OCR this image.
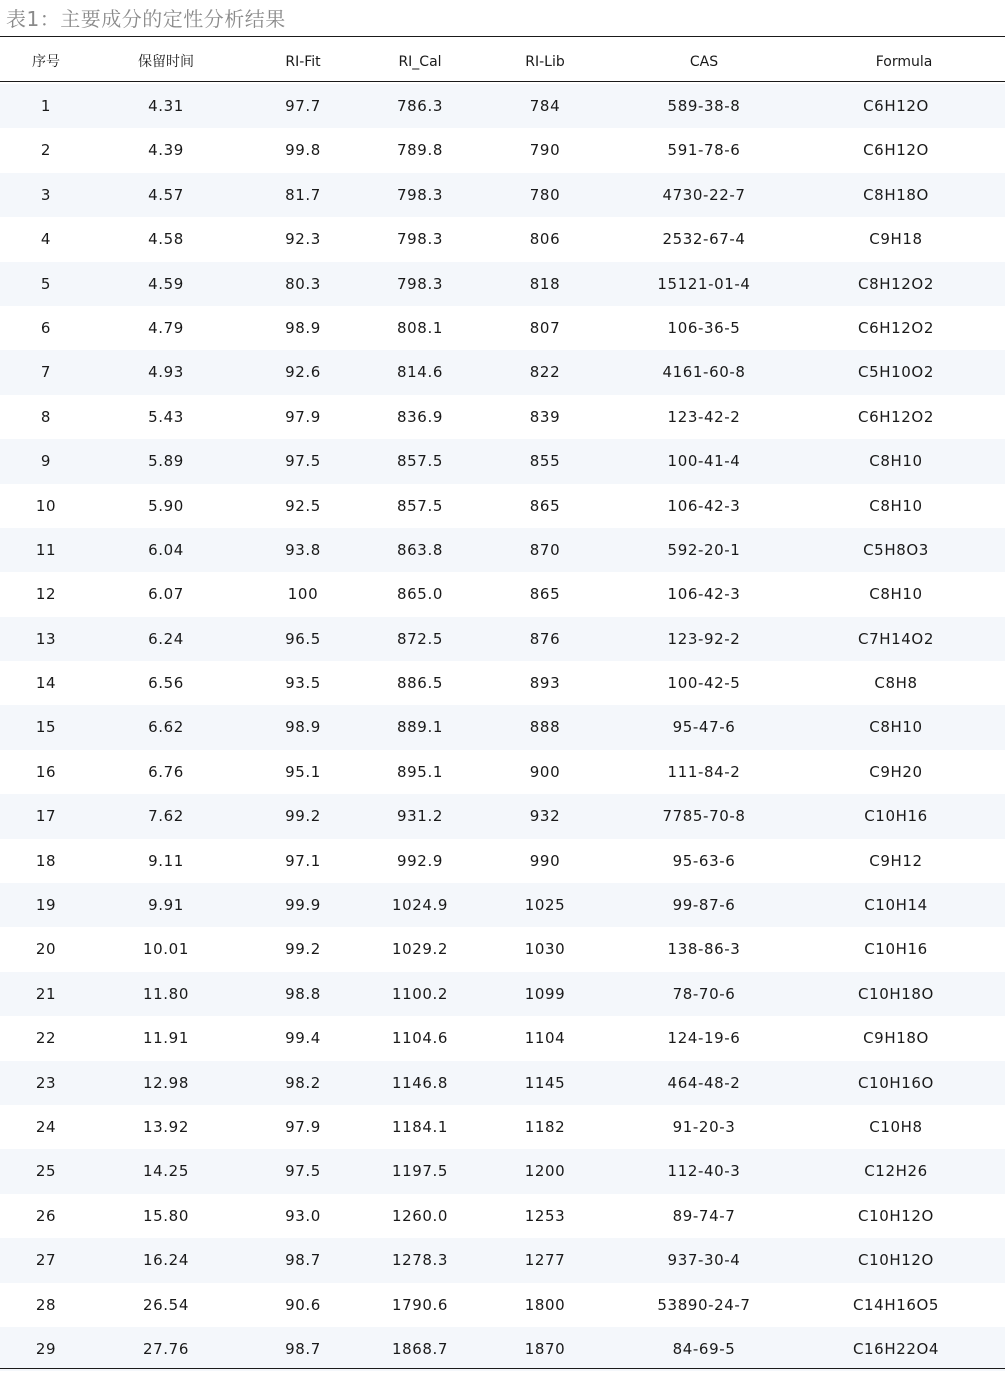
表1：主要成分的定性分析结果
序号	保留时间	RI-Fit	RI_Cal	RI-Lib	CAS	Formula
1	4.31	97.7	786.3	784	589-38-8	C6H12O
2	4.39	99.8	789.8	790	591-78-6	C6H12O
3	4.57	81.7	798.3	780	4730-22-7	C8H18O
4	4.58	92.3	798.3	806	2532-67-4	C9H18
5	4.59	80.3	798.3	818	15121-01-4	C8H12O2
6	4.79	98.9	808.1	807	106-36-5	C6H12O2
7	4.93	92.6	814.6	822	4161-60-8	C5H10O2
8	5.43	97.9	836.9	839	123-42-2	C6H12O2
9	5.89	97.5	857.5	855	100-41-4	C8H10
10	5.90	92.5	857.5	865	106-42-3	C8H10
11	6.04	93.8	863.8	870	592-20-1	C5H8O3
12	6.07	100	865.0	865	106-42-3	C8H10
13	6.24	96.5	872.5	876	123-92-2	C7H14O2
14	6.56	93.5	886.5	893	100-42-5	C8H8
15	6.62	98.9	889.1	888	95-47-6	C8H10
16	6.76	95.1	895.1	900	111-84-2	C9H20
17	7.62	99.2	931.2	932	7785-70-8	C10H16
18	9.11	97.1	992.9	990	95-63-6	C9H12
19	9.91	99.9	1024.9	1025	99-87-6	C10H14
20	10.01	99.2	1029.2	1030	138-86-3	C10H16
21	11.80	98.8	1100.2	1099	78-70-6	C10H18O
22	11.91	99.4	1104.6	1104	124-19-6	C9H18O
23	12.98	98.2	1146.8	1145	464-48-2	C10H16O
24	13.92	97.9	1184.1	1182	91-20-3	C10H8
25	14.25	97.5	1197.5	1200	112-40-3	C12H26
26	15.80	93.0	1260.0	1253	89-74-7	C10H12O
27	16.24	98.7	1278.3	1277	937-30-4	C10H12O
28	26.54	90.6	1790.6	1800	53890-24-7	C14H16O5
29	27.76	98.7	1868.7	1870	84-69-5	C16H22O4
